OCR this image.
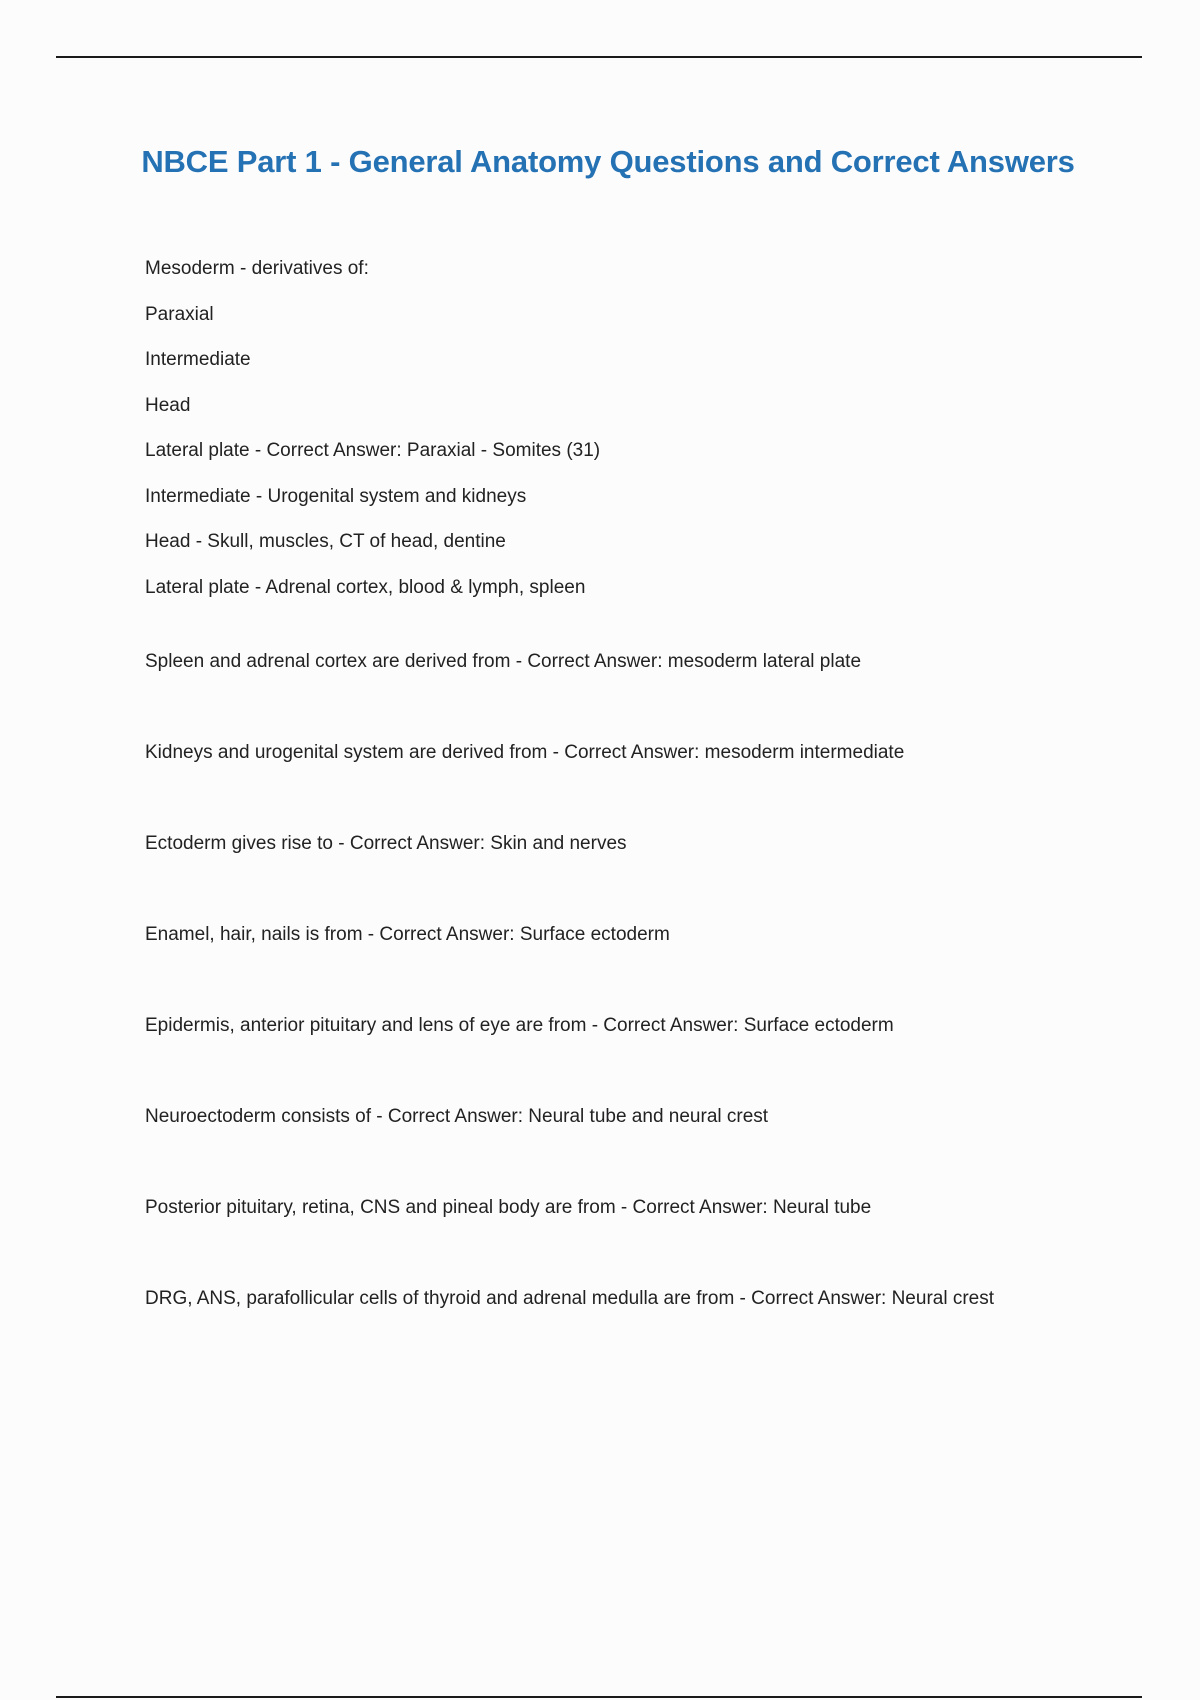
NBCE Part 1 - General Anatomy Questions and Correct Answers
Mesoderm - derivatives of:
Paraxial
Intermediate
Head
Lateral plate - Correct Answer: Paraxial - Somites (31)
Intermediate - Urogenital system and kidneys
Head - Skull, muscles, CT of head, dentine
Lateral plate - Adrenal cortex, blood & lymph, spleen
Spleen and adrenal cortex are derived from - Correct Answer: mesoderm lateral plate
Kidneys and urogenital system are derived from - Correct Answer: mesoderm intermediate
Ectoderm gives rise to - Correct Answer: Skin and nerves
Enamel, hair, nails is from - Correct Answer: Surface ectoderm
Epidermis, anterior pituitary and lens of eye are from - Correct Answer: Surface ectoderm
Neuroectoderm consists of - Correct Answer: Neural tube and neural crest
Posterior pituitary, retina, CNS and pineal body are from - Correct Answer: Neural tube
DRG, ANS, parafollicular cells of thyroid and adrenal medulla are from - Correct Answer: Neural crest
